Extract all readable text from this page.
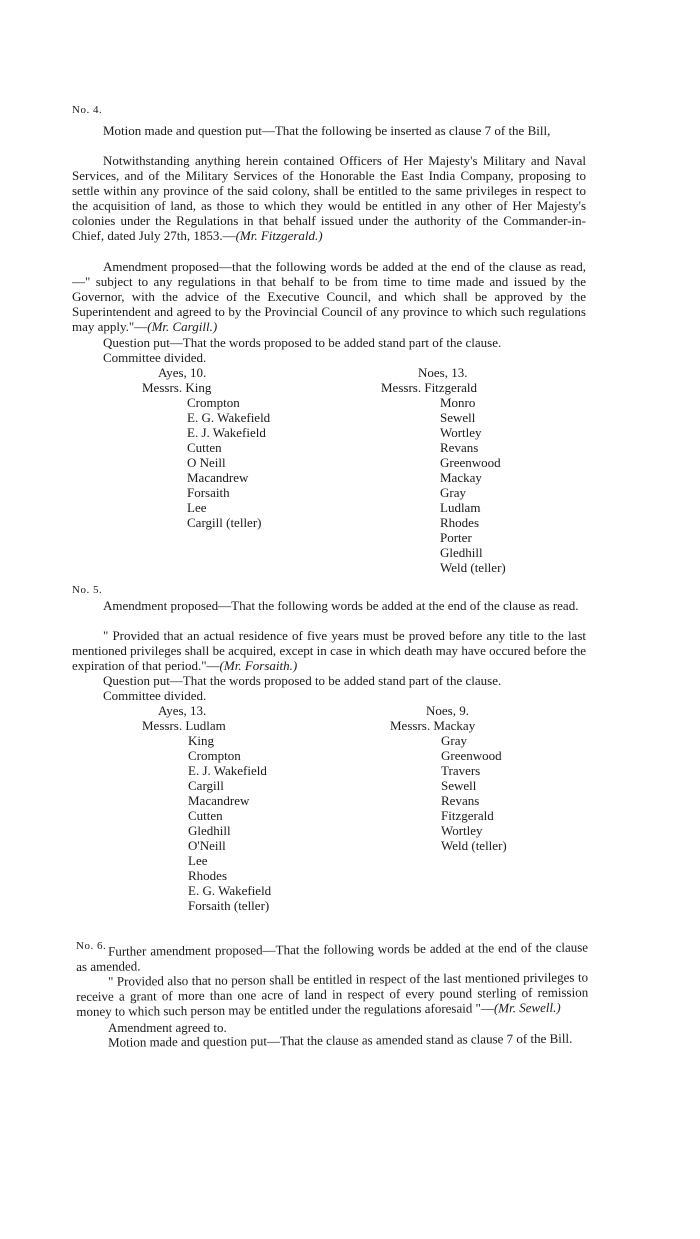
No. 4.

Motion made and question put—That the following be inserted as clause 7 of the Bill,

Notwithstanding anything herein contained Officers of Her Majesty's Military and Naval Services, and of the Military Services of the Honorable the East India Company, proposing to settle within any province of the said colony, shall be entitled to the same privileges in respect to the acquisition of land, as those to which they would be entitled in any other of Her Majesty's colonies under the Regulations in that behalf issued under the authority of the Commander-in-Chief, dated July 27th, 1853.—(Mr. Fitzgerald.)

Amendment proposed—that the following words be added at the end of the clause as read,—" subject to any regulations in that behalf to be from time to time made and issued by the Governor, with the advice of the Executive Council, and which shall be approved by the Superintendent and agreed to by the Provincial Council of any province to which such regulations may apply."—(Mr. Cargill.)

Question put—That the words proposed to be added stand part of the clause.
Committee divided.
Ayes, 10.	Noes, 13.
Messrs. King
Crompton
E. G. Wakefield
E. J. Wakefield
Cutten
O Neill
Macandrew
Forsaith
Lee
Cargill (teller)
Messrs. Fitzgerald
Monro
Sewell
Wortley
Revans
Greenwood
Mackay
Gray
Ludlam
Rhodes
Porter
Gledhill
Weld (teller)
No. 5.

Amendment proposed—That the following words be added at the end of the clause as read.

" Provided that an actual residence of five years must be proved before any title to the last mentioned privileges shall be acquired, except in case in which death may have occured before the expiration of that period."—(Mr. Forsaith.)

Question put—That the words proposed to be added stand part of the clause.
Committee divided.
Ayes, 13.	Noes, 9.
Messrs. Ludlam
King
Crompton
E. J. Wakefield
Cargill
Macandrew
Cutten
Gledhill
O'Neill
Lee
Rhodes
E. G. Wakefield
Forsaith (teller)
Messrs. Mackay
Gray
Greenwood
Travers
Sewell
Revans
Fitzgerald
Wortley
Weld (teller)
No. 6. Further amendment proposed—That the following words be added at the end of the clause as amended.

" Provided also that no person shall be entitled in respect of the last mentioned privileges to receive a grant of more than one acre of land in respect of every pound sterling of remission money to which such person may be entitled under the regulations aforesaid "—(Mr. Sewell.)

Amendment agreed to.

Motion made and question put—That the clause as amended stand as clause 7 of the Bill.
